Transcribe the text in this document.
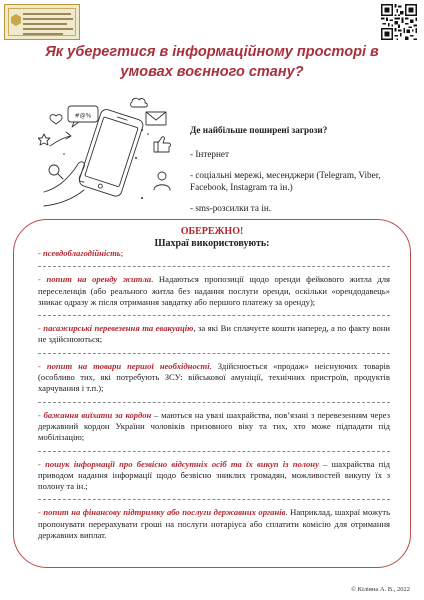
Як уберегтися в інформаційному просторі в умовах воєнного стану?
#@%
Де найбільше поширені загрози?
- Інтернет
- соціальні мережі, месенджери (Telegram, Viber, Facebook, Instagram та ін.)
- sms-розсилки та ін.
ОБЕРЕЖНО!
Шахраї використовують:

- псевдоблагодійність;

- попит на оренду житла. Надаються пропозиції щодо оренди фейкового житла для переселенців (або реального житла без надання послуги оренди, оскільки «орендодавець» зникає одразу ж після отримання завдатку або першого платежу за оренду);

- пасажирські перевезення та евакуацію, за які Ви сплачуєте кошти наперед, а по факту вони не здійснюються;

- попит на товари першої необхідності. Здійснюється «продаж» неіснуючих товарів (особливо тих, які потребують ЗСУ: військової амуніції, технічних пристроїв, продуктів харчування і т.п.);

- бажання виїхати за кордон – маються на увазі шахрайства, пов’язані з перевезенням через державний кордон України чоловіків призовного віку та тих, хто може підпадати під мобілізацію;

- пошук інформації про безвісно відсутніх осіб та їх викуп із полону – шахрайства під приводом надання інформації щодо безвісно зниклих громадян, можливостей викупу їх з полону та ін.;

- попит на фінансову підтримку або послуги державних органів. Наприклад, шахраї можуть пропонувати перерахувати гроші на послуги нотаріуса або сплатити комісію для отримання державних виплат.

© Кіліяна А. В., 2022
